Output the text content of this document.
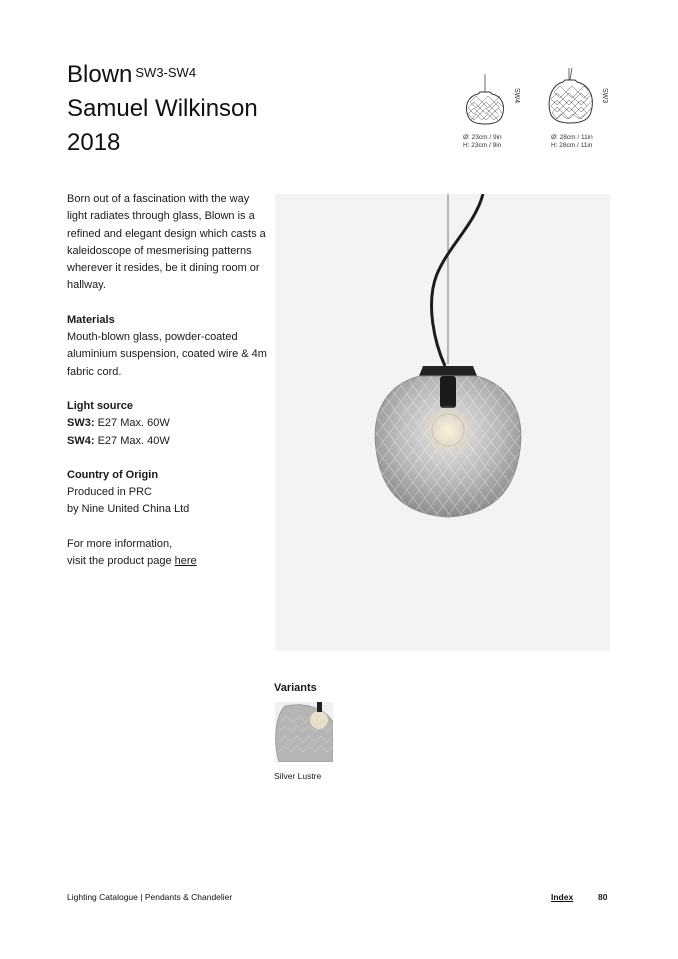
Blown $^{SW3-SW4}$
Samuel Wilkinson
2018
SW4
Ø: 23cm / 9in
H: 23cm / 9in
SW3
Ø: 28cm / 11in
H: 28cm / 11in

Born out of a fascination with the way light radiates through glass, Blown is a refined and elegant design which casts a kaleidoscope of mesmerising patterns wherever it resides, be it dining room or hallway.

Materials
Mouth-blown glass, powder-coated aluminium suspension, coated wire & 4m fabric cord.

Light source
SW3: E27 Max. 60W
SW4: E27 Max. 40W

Country of Origin
Produced in PRC
by Nine United China Ltd

For more information,
visit the product page here

Variants
Silver Lustre
Lighting Catalogue | Pendants & Chandelier	Index	80
